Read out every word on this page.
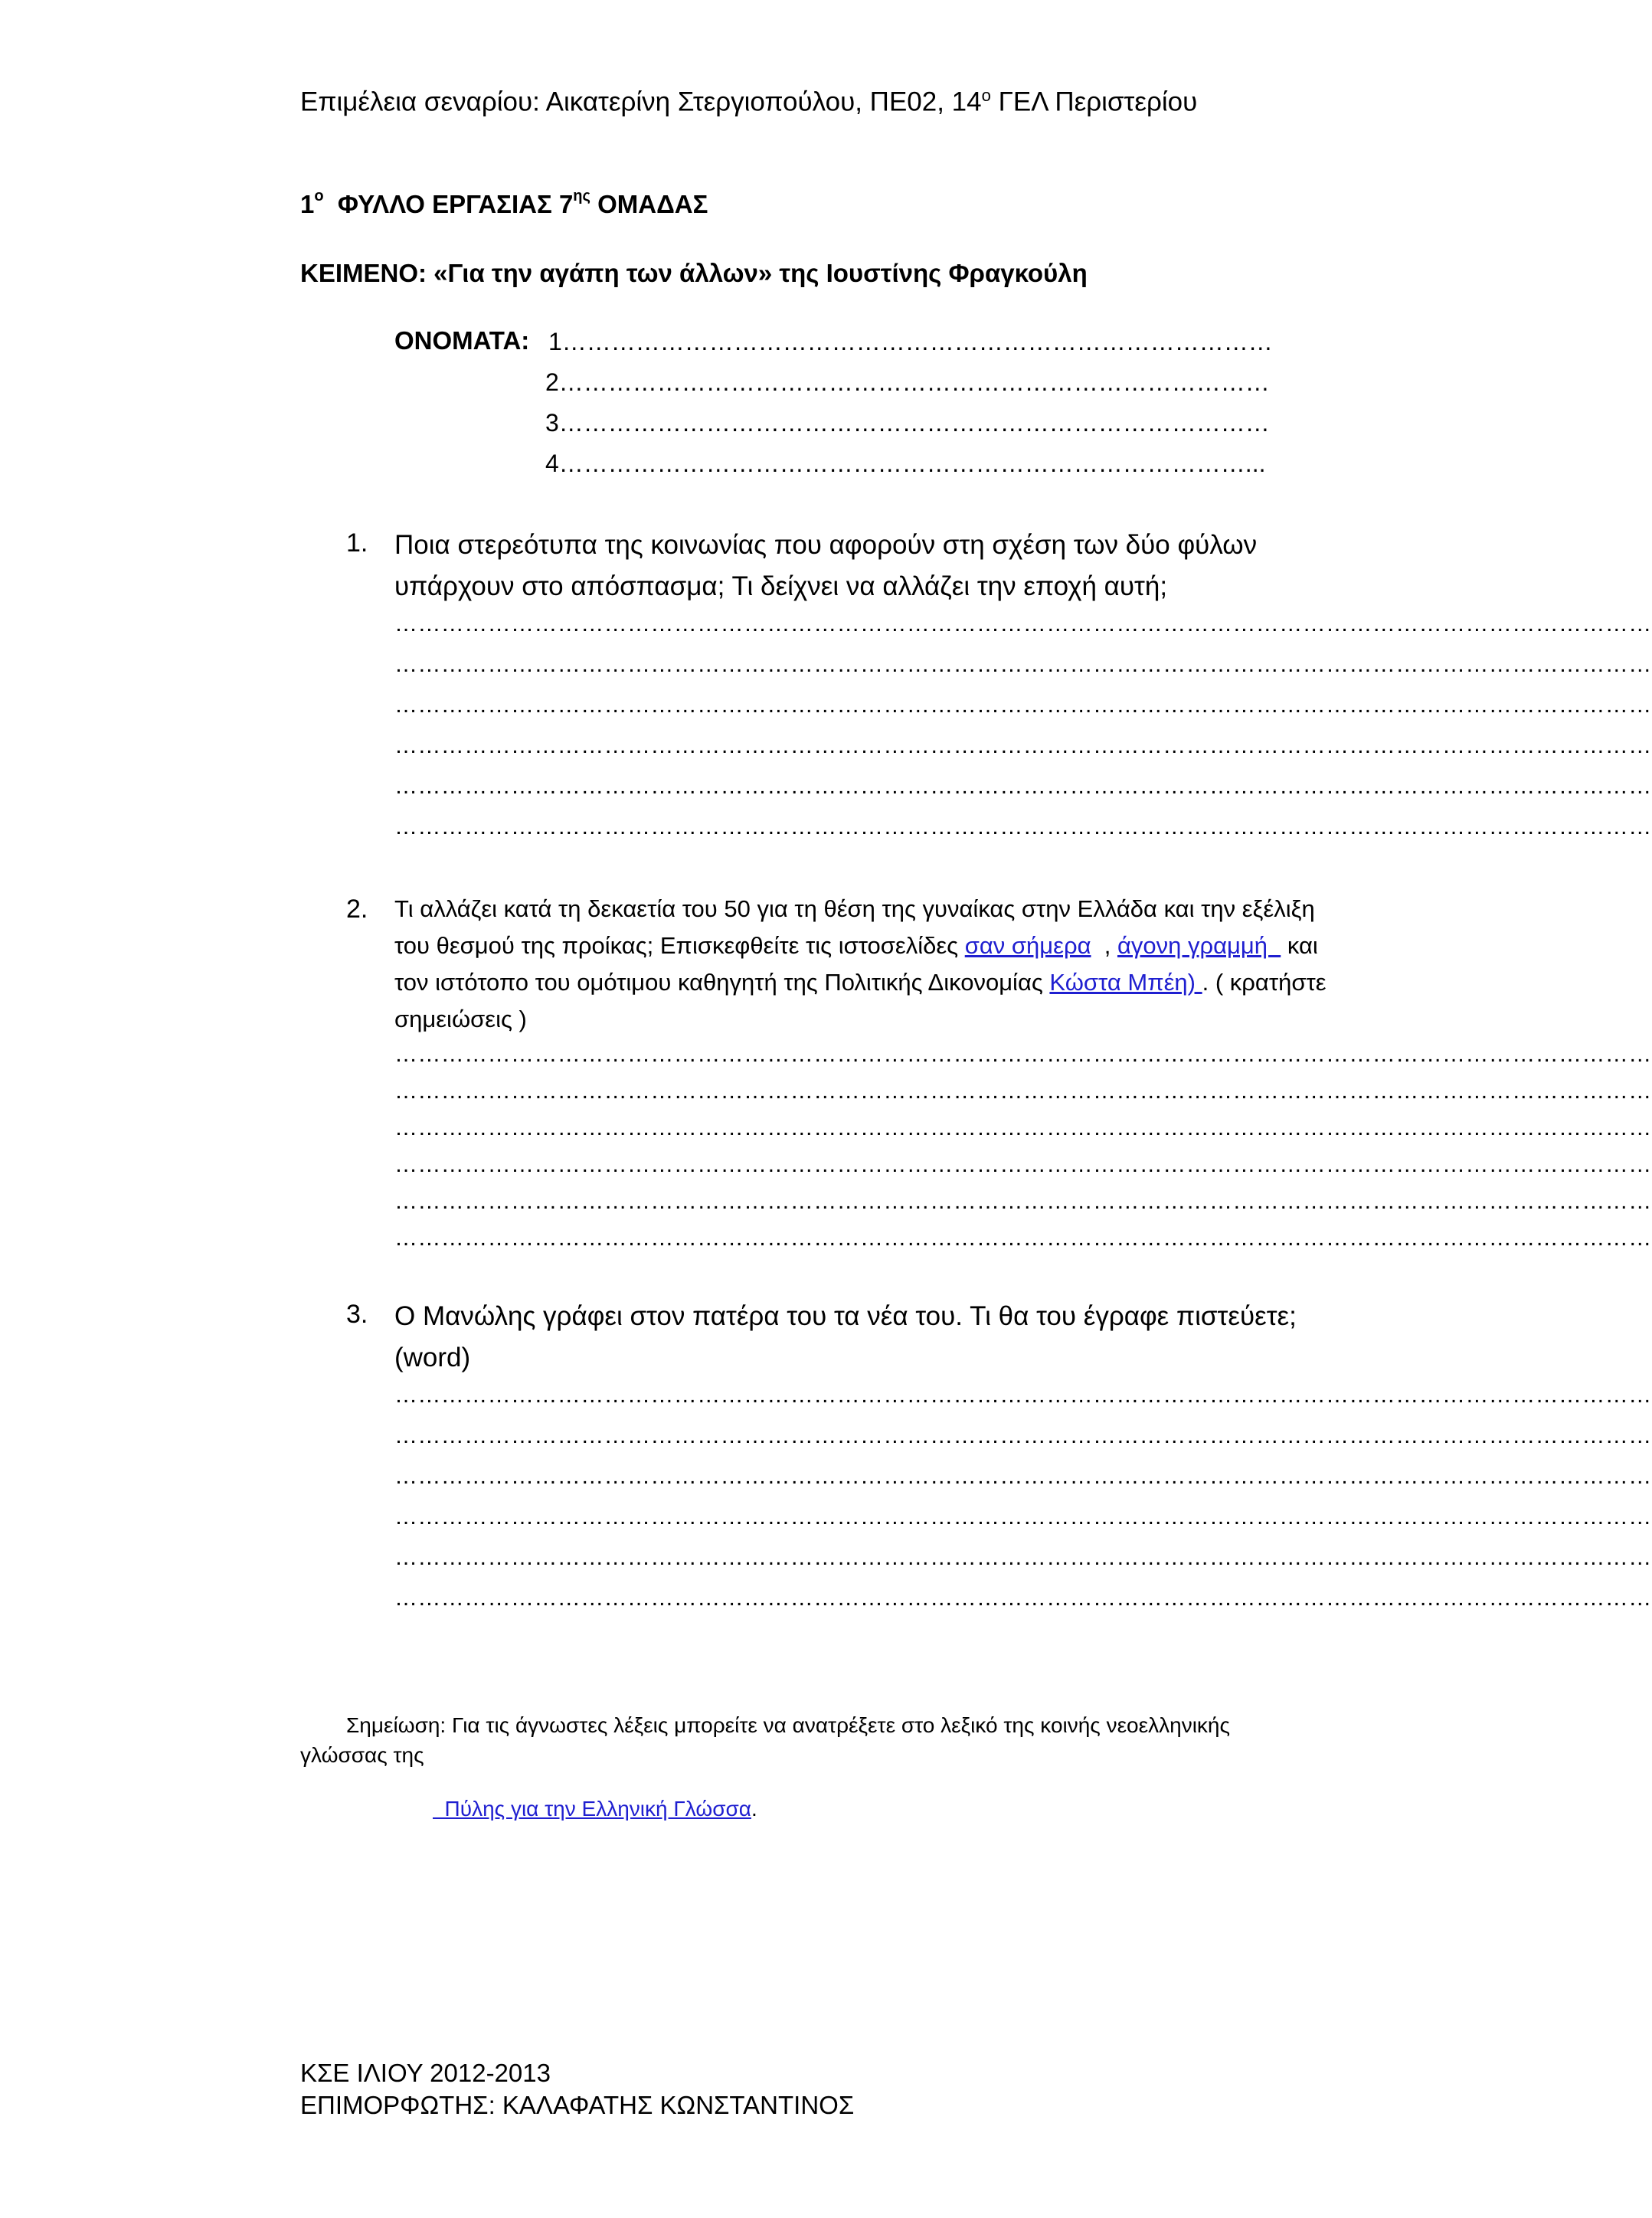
Επιμέλεια σεναρίου: Αικατερίνη Στεργιοπούλου, ΠΕ02, $14^o$ ΓΕΛ Περιστερίου
$1^o$  ΦΥΛΛΟ ΕΡΓΑΣΙΑΣ $7^{\eta\varsigma}$ ΟΜΑΔΑΣ
ΚΕΙΜΕΝΟ: «Για την αγάπη των άλλων» της Ιουστίνης Φραγκούλη
ΟΝΟΜΑΤΑ: 1……………………………………………………………………………
2……………………………………………………………………………
3……………………………………………………………………………
4…………………………………………………………………………...
1. Ποια στερεότυπα της κοινωνίας που αφορούν στη σχέση των δύο φύλων υπάρχουν στο απόσπασμα; Τι δείχνει να αλλάζει την εποχή αυτή;
………………………………………………………………………………………………………………………………………………
………………………………………………………………………………………………………………………………………………
………………………………………………………………………………………………………………………………………………
………………………………………………………………………………………………………………………………………………
………………………………………………………………………………………………………………………………………………
………………………………………………………………………………………………………………………………………………
2. Τι αλλάζει κατά τη δεκαετία του 50 για τη θέση της γυναίκας στην Ελλάδα και την εξέλιξη του θεσμού της προίκας; Επισκεφθείτε τις ιστοσελίδες σαν σήμερα  , άγονη γραμμή   και τον ιστότοπο του ομότιμου καθηγητή της Πολιτικής Δικονομίας Κώστα Μπέη) . ( κρατήστε σημειώσεις )
………………………………………………………………………………………………………………………………………………
………………………………………………………………………………………………………………………………………………
………………………………………………………………………………………………………………………………………………
………………………………………………………………………………………………………………………………………………
………………………………………………………………………………………………………………………………………………
………………………………………………………………………………………………………………………………………………
3. Ο Μανώλης γράφει στον πατέρα του τα νέα του. Τι θα του έγραφε πιστεύετε; (word)
………………………………………………………………………………………………………………………………………………
………………………………………………………………………………………………………………………………………………
………………………………………………………………………………………………………………………………………………
………………………………………………………………………………………………………………………………………………
………………………………………………………………………………………………………………………………………………
………………………………………………………………………………………………………………………………………………
Σημείωση: Για τις άγνωστες λέξεις μπορείτε να ανατρέξετε στο λεξικό της κοινής νεοελληνικής
γλώσσας της
Πύλης για την Ελληνική Γλώσσα.
ΚΣΕ ΙΛΙΟΥ 2012-2013
ΕΠΙΜΟΡΦΩΤΗΣ: ΚΑΛΑΦΑΤΗΣ ΚΩΝΣΤΑΝΤΙΝΟΣ
